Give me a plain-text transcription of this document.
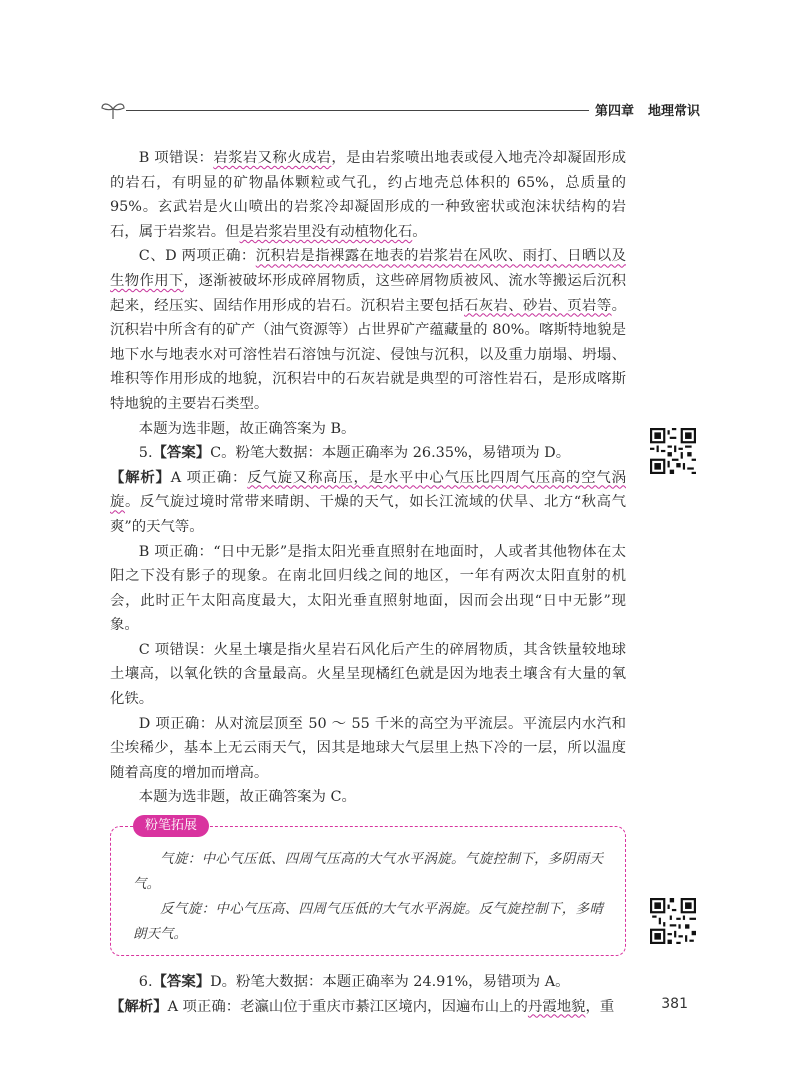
第四章 地理常识

B 项错误：岩浆岩又称火成岩，是由岩浆喷出地表或侵入地壳冷却凝固形成的岩石，有明显的矿物晶体颗粒或气孔，约占地壳总体积的 65%，总质量的 95%。玄武岩是火山喷出的岩浆冷却凝固形成的一种致密状或泡沫状结构的岩石，属于岩浆岩。但是岩浆岩里没有动植物化石。

C、D 两项正确：沉积岩是指裸露在地表的岩浆岩在风吹、雨打、日晒以及生物作用下，逐渐被破坏形成碎屑物质，这些碎屑物质被风、流水等搬运后沉积起来，经压实、固结作用形成的岩石。沉积岩主要包括石灰岩、砂岩、页岩等。沉积岩中所含有的矿产（油气资源等）占世界矿产蕴藏量的 80%。喀斯特地貌是地下水与地表水对可溶性岩石溶蚀与沉淀、侵蚀与沉积，以及重力崩塌、坍塌、堆积等作用形成的地貌，沉积岩中的石灰岩就是典型的可溶性岩石，是形成喀斯特地貌的主要岩石类型。

本题为选非题，故正确答案为 B。

5.【答案】C。粉笔大数据：本题正确率为 26.35%，易错项为 D。

【解析】A 项正确：反气旋又称高压，是水平中心气压比四周气压高的空气涡旋。反气旋过境时常带来晴朗、干燥的天气，如长江流域的伏旱、北方“秋高气爽”的天气等。

B 项正确：“日中无影”是指太阳光垂直照射在地面时，人或者其他物体在太阳之下没有影子的现象。在南北回归线之间的地区，一年有两次太阳直射的机会，此时正午太阳高度最大，太阳光垂直照射地面，因而会出现“日中无影”现象。

C 项错误：火星土壤是指火星岩石风化后产生的碎屑物质，其含铁量较地球土壤高，以氧化铁的含量最高。火星呈现橘红色就是因为地表土壤含有大量的氧化铁。

D 项正确：从对流层顶至 50 ～ 55 千米的高空为平流层。平流层内水汽和尘埃稀少，基本上无云雨天气，因其是地球大气层里上热下冷的一层，所以温度随着高度的增加而增高。

本题为选非题，故正确答案为 C。

粉笔拓展

气旋：中心气压低、四周气压高的大气水平涡旋。气旋控制下，多阴雨天气。

反气旋：中心气压高、四周气压低的大气水平涡旋。反气旋控制下，多晴朗天气。

6.【答案】D。粉笔大数据：本题正确率为 24.91%，易错项为 A。

【解析】A 项正确：老瀛山位于重庆市綦江区境内，因遍布山上的丹霞地貌，重	381
